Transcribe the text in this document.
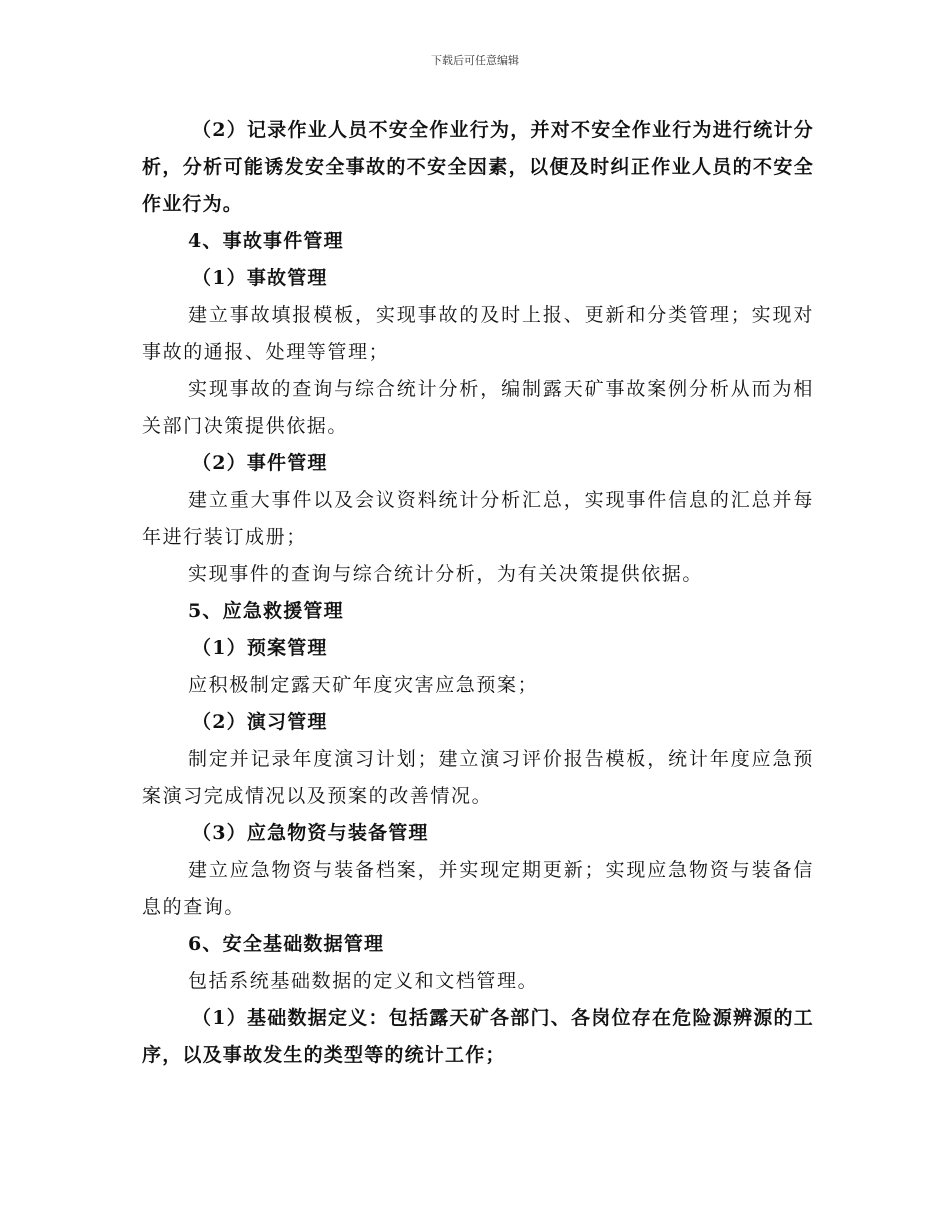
下载后可任意编辑

（2）记录作业人员不安全作业行为，并对不安全作业行为进行统计分析，分析可能诱发安全事故的不安全因素，以便及时纠正作业人员的不安全作业行为。

4、事故事件管理

（1）事故管理

建立事故填报模板，实现事故的及时上报、更新和分类管理；实现对事故的通报、处理等管理；

实现事故的查询与综合统计分析，编制露天矿事故案例分析从而为相关部门决策提供依据。

（2）事件管理

建立重大事件以及会议资料统计分析汇总，实现事件信息的汇总并每年进行装订成册；

实现事件的查询与综合统计分析，为有关决策提供依据。

5、应急救援管理

（1）预案管理

应积极制定露天矿年度灾害应急预案；

（2）演习管理

制定并记录年度演习计划；建立演习评价报告模板，统计年度应急预案演习完成情况以及预案的改善情况。

（3）应急物资与装备管理

建立应急物资与装备档案，并实现定期更新；实现应急物资与装备信息的查询。

6、安全基础数据管理

包括系统基础数据的定义和文档管理。

（1）基础数据定义：包括露天矿各部门、各岗位存在危险源辨源的工序，以及事故发生的类型等的统计工作；
